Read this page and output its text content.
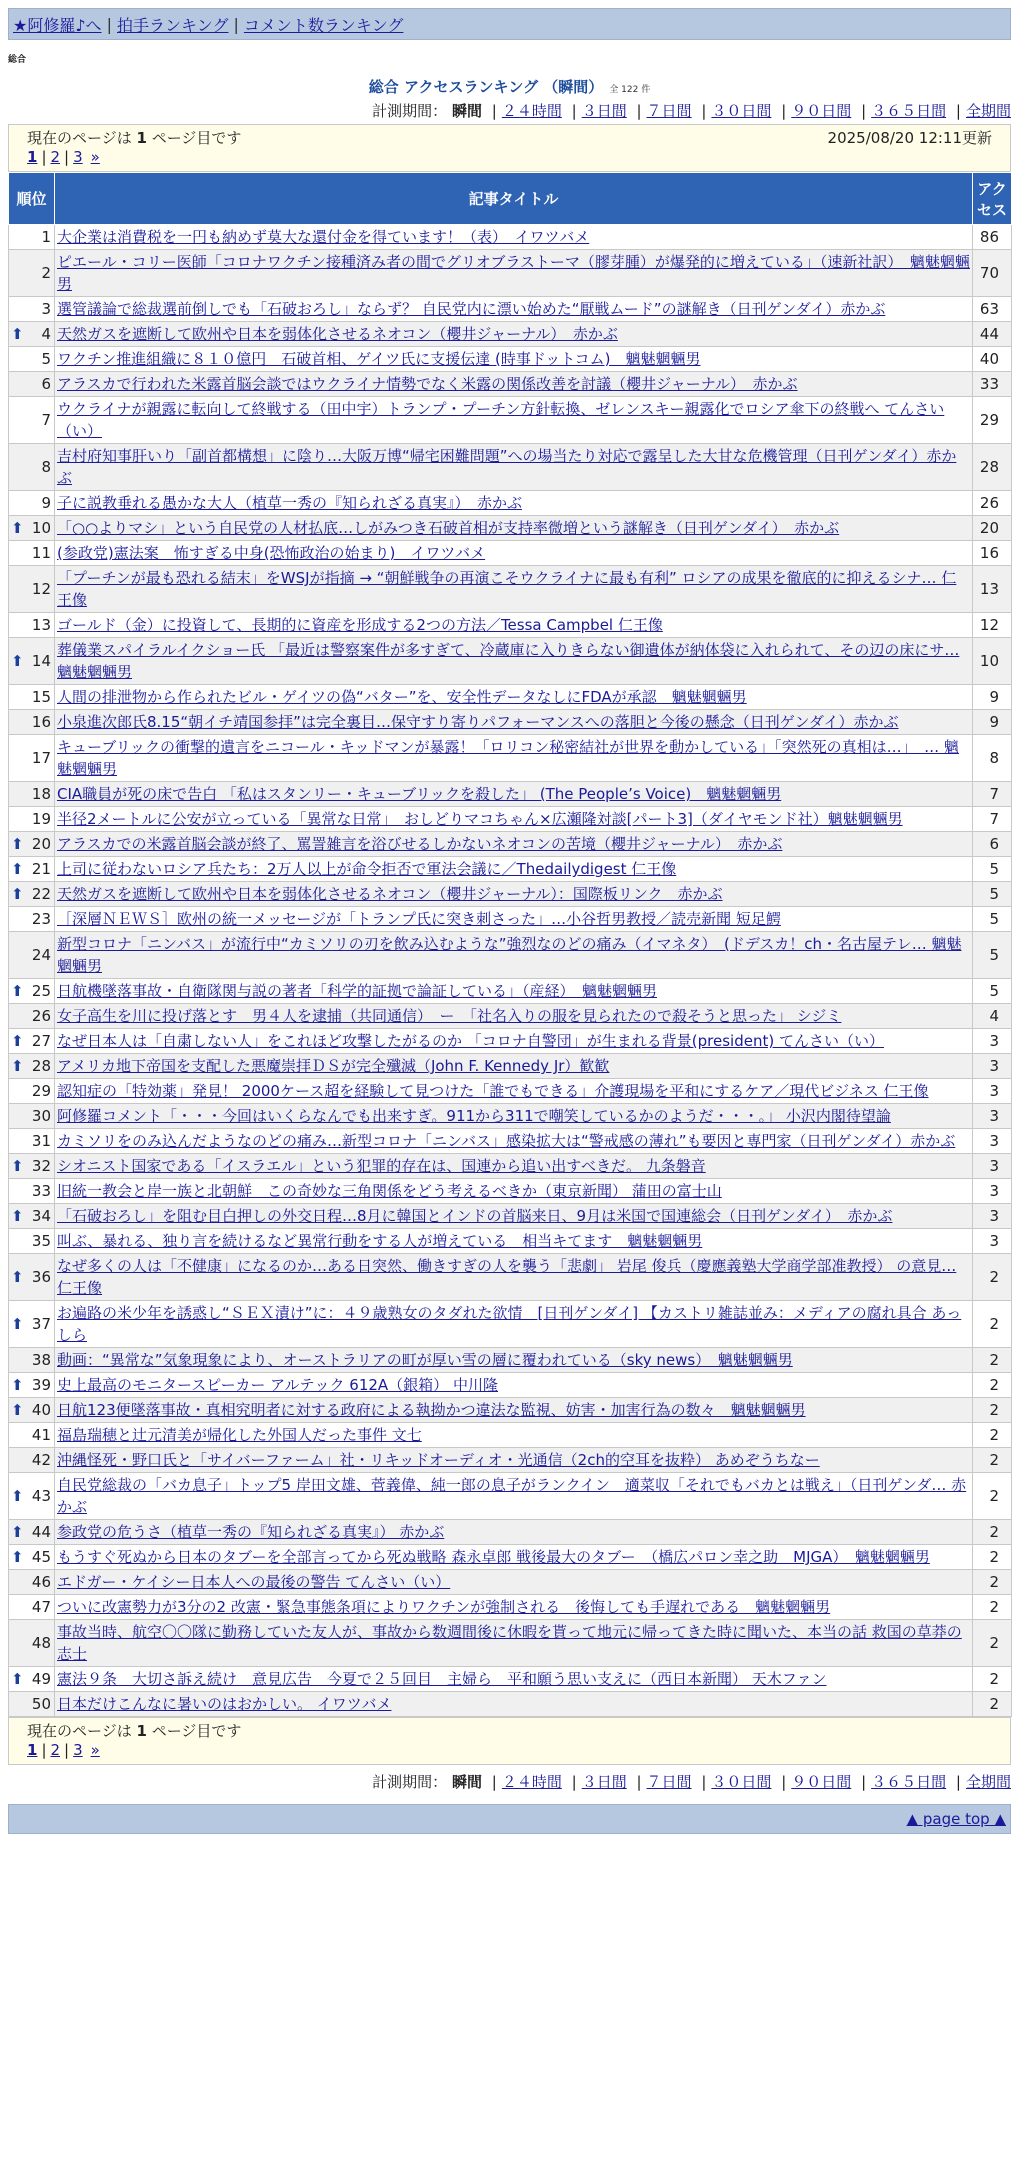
★阿修羅♪へ | 拍手ランキング | コメント数ランキング
総合
総合 アクセスランキング （瞬間） 全 122 件
計測期間： 瞬間 | ２４時間 | ３日間 | ７日間 | ３０日間 | ９０日間 | ３６５日間 | 全期間
現在のページは 1 ページ目です	2025/08/20 12:11更新
1 | 2 | 3 »
順位	記事タイトル	アクセス
1	大企業は消費税を一円も納めず莫大な還付金を得ています！（表）　イワツバメ	86
2	ピエール・コリー医師「コロナワクチン接種済み者の間でグリオブラストーマ（膠芽腫）が爆発的に増えている」（速新社訳）　魑魅魍魎男	70
3	選管議論で総裁選前倒しでも「石破おろし」ならず？ 自民党内に漂い始めた“厭戦ムード”の謎解き（日刊ゲンダイ）赤かぶ	63

⬆ 4	天然ガスを遮断して欧州や日本を弱体化させるネオコン（櫻井ジャーナル）　赤かぶ	44
5	ワクチン推進組織に８１０億円　石破首相、ゲイツ氏に支援伝達 (時事ドットコム)　魑魅魍魎男	40
6	アラスカで行われた米露首脳会談ではウクライナ情勢でなく米露の関係改善を討議（櫻井ジャーナル）　赤かぶ	33
7	ウクライナが親露に転向して終戦する（田中宇）トランプ・プーチン方針転換、ゼレンスキー親露化でロシア傘下の終戦へ てんさい（い）	29
8	吉村府知事肝いり「副首都構想」に陰り…大阪万博“帰宅困難問題”への場当たり対応で露呈した大甘な危機管理（日刊ゲンダイ）赤かぶ	28
9	子に説教垂れる愚かな大人（植草一秀の『知られざる真実』）　赤かぶ	26

⬆ 10	「○○よりマシ」という自民党の人材払底…しがみつき石破首相が支持率微増という謎解き（日刊ゲンダイ）　赤かぶ	20
11	(参政党)憲法案　怖すぎる中身(恐怖政治の始まり)　イワツバメ	16
12	「プーチンが最も恐れる結末」をWSJが指摘 → “朝鮮戦争の再演こそウクライナに最も有利” ロシアの成果を徹底的に抑えるシナ… 仁王像	13
13	ゴールド（金）に投資して、長期的に資産を形成する2つの方法／Tessa Campbel 仁王像	12

⬆ 14	葬儀業スパイラルイクショー氏 「最近は警察案件が多すぎて、冷蔵庫に入りきらない御遺体が納体袋に入れられて、その辺の床にサ… 魑魅魍魎男	10
15	人間の排泄物から作られたビル・ゲイツの偽“バター”を、安全性データなしにFDAが承認　魑魅魍魎男	9
16	小泉進次郎氏8.15“朝イチ靖国参拝”は完全裏目…保守すり寄りパフォーマンスへの落胆と今後の懸念（日刊ゲンダイ）赤かぶ	9
17	キューブリックの衝撃的遺言をニコール・キッドマンが暴露！「ロリコン秘密結社が世界を動かしている」「突然死の真相は…」　… 魑魅魍魎男	8
18	CIA職員が死の床で告白 「私はスタンリー・キューブリックを殺した」 (The People’s Voice)　魑魅魍魎男	7
19	半径2メートルに公安が立っている「異常な日常」　おしどりマコちゃん×広瀬隆対談[パート3]（ダイヤモンド社）魑魅魍魎男	7

⬆ 20	アラスカでの米露首脳会談が終了、罵詈雑言を浴びせるしかないネオコンの苦境（櫻井ジャーナル）　赤かぶ	6

⬆ 21	上司に従わないロシア兵たち：2万人以上が命令拒否で軍法会議に／Thedailydigest 仁王像	5

⬆ 22	天然ガスを遮断して欧州や日本を弱体化させるネオコン（櫻井ジャーナル）：国際板リンク　赤かぶ	5
23	［深層ＮＥＷＳ］欧州の統一メッセージが「トランプ氏に突き刺さった」…小谷哲男教授／読売新聞 短足鰐	5
24	新型コロナ「ニンバス」が流行中“カミソリの刃を飲み込むような”強烈なのどの痛み（イマネタ）　(ドデスカ！ch・名古屋テレ… 魑魅魍魎男	5

⬆ 25	日航機墜落事故・自衛隊関与説の著者「科学的証拠で論証している」（産経）　魑魅魍魎男	5
26	女子高生を川に投げ落とす　男４人を逮捕（共同通信）　ー　「社名入りの服を見られたので殺そうと思った」 シジミ	4

⬆ 27	なぜ日本人は「自粛しない人」をこれほど攻撃したがるのか 「コロナ自警団」が生まれる背景(president) てんさい（い）	3

⬆ 28	アメリカ地下帝国を支配した悪魔崇拝ＤＳが完全殲滅（John F. Kennedy Jr）歓歓	3
29	認知症の「特効薬」発見！ 2000ケース超を経験して見つけた「誰でもできる」介護現場を平和にするケア／現代ビジネス 仁王像	3
30	阿修羅コメント「・・・今回はいくらなんでも出来すぎ。911から311で嘲笑しているかのようだ・・・。」 小沢内閣待望論	3
31	カミソリをのみ込んだようなのどの痛み…新型コロナ「ニンバス」感染拡大は“警戒感の薄れ”も要因と専門家（日刊ゲンダイ）赤かぶ	3

⬆ 32	シオニスト国家である「イスラエル」という犯罪的存在は、国連から追い出すべきだ。 九条磐音	3
33	旧統一教会と岸一族と北朝鮮　この奇妙な三角関係をどう考えるべきか（東京新聞） 蒲田の富士山	3

⬆ 34	「石破おろし」を阻む目白押しの外交日程…8月に韓国とインドの首脳来日、9月は米国で国連総会（日刊ゲンダイ）　赤かぶ	3
35	叫ぶ、暴れる、独り言を続けるなど異常行動をする人が増えている　相当キてます　魑魅魍魎男	3

⬆ 36	なぜ多くの人は「不健康」になるのか…ある日突然、働きすぎの人を襲う「悲劇」 岩尾 俊兵（慶應義塾大学商学部准教授） の意見… 仁王像	2

⬆ 37	お遍路の米少年を誘惑し“ＳＥＸ漬け”に：４９歳熟女のタダれた欲情　[日刊ゲンダイ] 【カストリ雑誌並み：メディアの腐れ具合 あっしら	2
38	動画：“異常な”気象現象により、オーストラリアの町が厚い雪の層に覆われている（sky news）　魑魅魍魎男	2

⬆ 39	史上最高のモニタースピーカー アルテック 612A（銀箱） 中川隆	2

⬆ 40	日航123便墜落事故・真相究明者に対する政府による執拗かつ違法な監視、妨害・加害行為の数々　魑魅魍魎男	2
41	福島瑞穂と辻元清美が帰化した外国人だった事件 文七	2
42	沖縄怪死・野口氏と「サイバーファーム」社・リキッドオーディオ・光通信（2ch的空耳を抜粋） あめぞうちなー	2

⬆ 43	自民党総裁の「バカ息子」トップ5 岸田文雄、菅義偉、純一郎の息子がランクイン　適菜収「それでもバカとは戦え」（日刊ゲンダ… 赤かぶ	2

⬆ 44	参政党の危うさ（植草一秀の『知られざる真実』） 赤かぶ	2

⬆ 45	もうすぐ死ぬから日本のタブーを全部言ってから死ぬ戦略 森永卓郎 戦後最大のタブー　（橋広パロン幸之助　MJGA）　魑魅魍魎男	2
46	エドガー・ケイシー日本人への最後の警告 てんさい（い）	2
47	ついに改憲勢力が3分の2 改憲・緊急事態条項によりワクチンが強制される　後悔しても手遅れである　魑魅魍魎男	2
48	事故当時、航空〇〇隊に勤務していた友人が、事故から数週間後に休暇を貰って地元に帰ってきた時に聞いた、本当の話 救国の草莽の志士	2

⬆ 49	憲法９条　大切さ訴え続け　意見広告　今夏で２５回目　主婦ら　平和願う思い支えに（西日本新聞） 天木ファン	2
50	日本だけこんなに暑いのはおかしい。 イワツバメ	2
現在のページは 1 ページ目です
1 | 2 | 3 »
計測期間： 瞬間 | ２４時間 | ３日間 | ７日間 | ３０日間 | ９０日間 | ３６５日間 | 全期間
▲ page top ▲
